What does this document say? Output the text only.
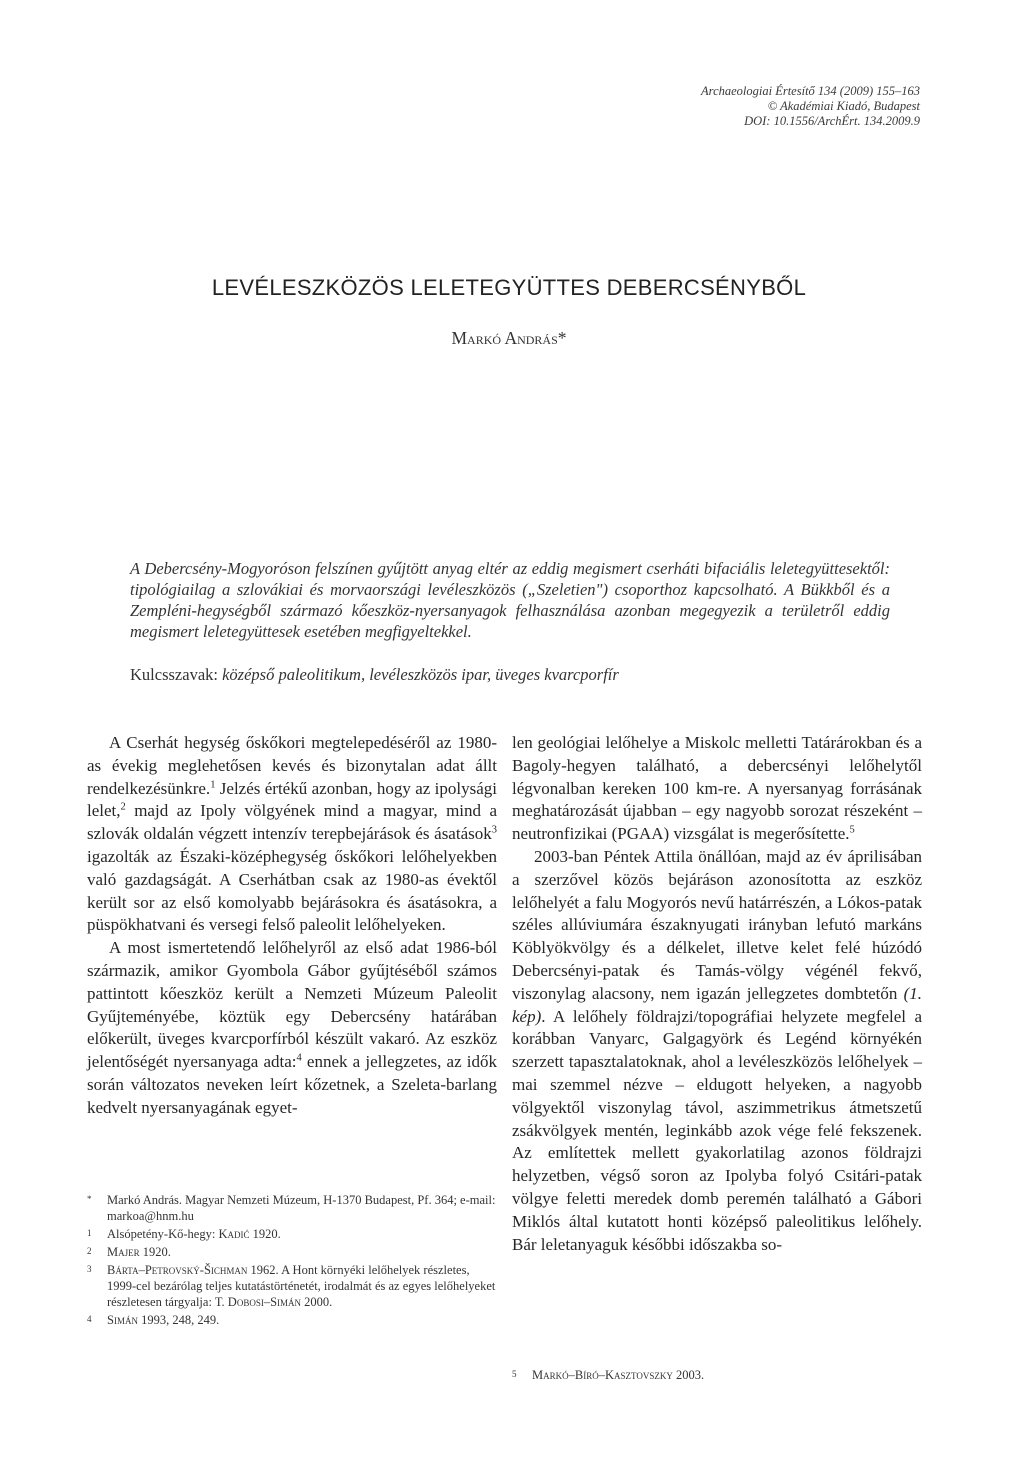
Archaeologiai Értesítő 134 (2009) 155–163
© Akadémiai Kiadó, Budapest
DOI: 10.1556/ArchÉrt. 134.2009.9
LEVÉLESZKÖZÖS LELETEGYÜTTES DEBERCSÉNYBŐL
Markó András*
A Debercsény-Mogyoróson felszínen gyűjtött anyag eltér az eddig megismert cserháti bifaciális leletegyüttesektől: tipológiailag a szlovákiai és morvaországi levéleszközös („Szeletien") csoporthoz kapcsolható. A Bükkből és a Zempléni-hegységből származó kőeszköz-nyersanyagok felhasználása azonban megegyezik a területről eddig megismert leletegyüttesek esetében megfigyeltekkel.
Kulcsszavak: középső paleolitikum, levéleszközös ipar, üveges kvarcporfír

A Cserhát hegység őskőkori megtelepedéséről az 1980-as évekig meglehetősen kevés és bizonytalan adat állt rendelkezésünkre.$^1$ Jelzés értékű azonban, hogy az ipolysági lelet,$^2$ majd az Ipoly völgyének mind a magyar, mind a szlovák oldalán végzett intenzív terepbejárások és ásatások$^3$ igazolták az Északi-középhegység őskőkori lelőhelyekben való gazdagságát. A Cserhátban csak az 1980-as évektől került sor az első komolyabb bejárásokra és ásatásokra, a püspökhatvani és versegi felső paleolit lelőhelyeken.

A most ismertetendő lelőhelyről az első adat 1986-ból származik, amikor Gyombola Gábor gyűjtéséből számos pattintott kőeszköz került a Nemzeti Múzeum Paleolit Gyűjteményébe, köztük egy Debercsény határában előkerült, üveges kvarcporfírból készült vakaró. Az eszköz jelentőségét nyersanyaga adta:$^4$ ennek a jellegzetes, az idők során változatos neveken leírt kőzetnek, a Szeleta-barlang kedvelt nyersanyagának egyet-

len geológiai lelőhelye a Miskolc melletti Tatárárokban és a Bagoly-hegyen található, a debercsényi lelőhelytől légvonalban kereken 100 km-re. A nyersanyag forrásának meghatározását újabban – egy nagyobb sorozat részeként – neutronfizikai (PGAA) vizsgálat is megerősítette.$^5$

2003-ban Péntek Attila önállóan, majd az év áprilisában a szerzővel közös bejáráson azonosította az eszköz lelőhelyét a falu Mogyorós nevű határrészén, a Lókos-patak széles allúviumára északnyugati irányban lefutó markáns Köblyökvölgy és a délkelet, illetve kelet felé húzódó Debercsényi-patak és Tamás-völgy végénél fekvő, viszonylag alacsony, nem igazán jellegzetes dombtetőn (1. kép). A lelőhely földrajzi/topográfiai helyzete megfelel a korábban Vanyarc, Galgagyörk és Legénd környékén szerzett tapasztalatoknak, ahol a levéleszközös lelőhelyek – mai szemmel nézve – eldugott helyeken, a nagyobb völgyektől viszonylag távol, aszimmetrikus átmetszetű zsákvölgyek mentén, leginkább azok vége felé fekszenek. Az említettek mellett gyakorlatilag azonos földrajzi helyzetben, végső soron az Ipolyba folyó Csitári-patak völgye feletti meredek domb peremén található a Gábori Miklós által kutatott honti középső paleolitikus lelőhely. Bár leletanyaguk későbbi időszakba so-

* Markó András. Magyar Nemzeti Múzeum, H-1370 Budapest, Pf. 364; e-mail: markoa@hnm.hu
1 Alsópetény-Kő-hegy: Kadić 1920.
2 Majer 1920.
3 Bárta–Petrovský-Šichman 1962. A Hont környéki lelőhelyek részletes, 1999-cel bezárólag teljes kutatástörténetét, irodalmát és az egyes lelőhelyeket részletesen tárgyalja: T. Dobosi–Simán 2000.
4 Simán 1993, 248, 249.
5 Markó–Bíró–Kasztovszky 2003.
